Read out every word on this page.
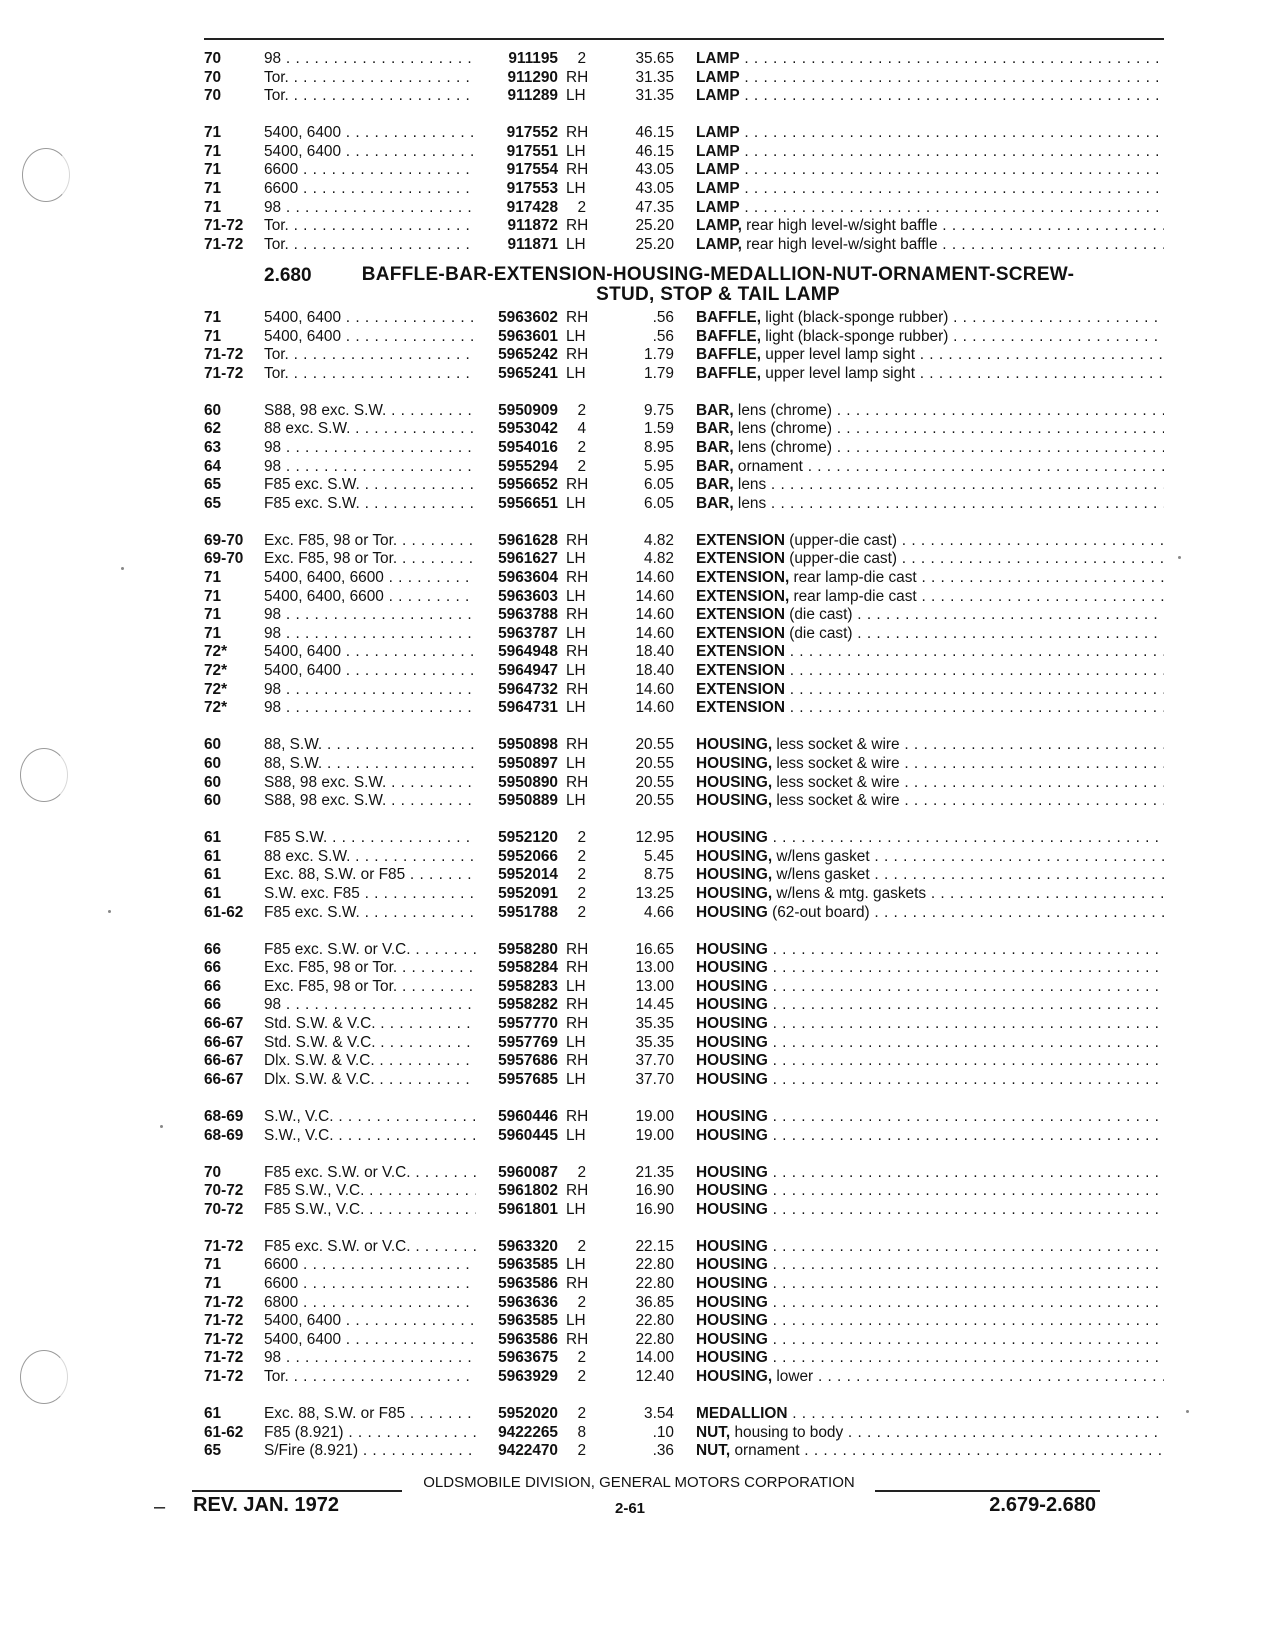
70	98 . . .	911195	2	35.65 LAMP . . .
70	Tor. . . .	911290 RH	31.35 LAMP . . .
70	Tor. . . .	911289 LH	31.35 LAMP . . .
71	5400, 6400 . . .	917552 RH	46.15 LAMP . . .
71	5400, 6400 . . .	917551 LH	46.15 LAMP . . .
71	6600 . . .	917554 RH	43.05 LAMP . . .
71	6600 . . .	917553 LH	43.05 LAMP . . .
71	98 . . .	917428	2	47.35 LAMP . . .
71-72	Tor. . . .	911872 RH	25.20 LAMP, rear high level-w/sight baffle . . .
71-72	Tor. . . .	911871 LH	25.20 LAMP, rear high level-w/sight baffle . . .
2.680	BAFFLE-BAR-EXTENSION-HOUSING-MEDALLION-NUT-ORNAMENT-SCREW-STUD, STOP & TAIL LAMP
71	5400, 6400 . . .	5963602 RH	.56 BAFFLE, light (black-sponge rubber) . . .
71	5400, 6400 . . .	5963601 LH	.56 BAFFLE, light (black-sponge rubber) . . .
71-72	Tor. . . .	5965242 RH	1.79 BAFFLE, upper level lamp sight . . .
71-72	Tor. . . .	5965241 LH	1.79 BAFFLE, upper level lamp sight . . .
60	S88, 98 exc. S.W. . . .	5950909	2	9.75 BAR, lens (chrome) . . .
62	88 exc. S.W. . . .	5953042	4	1.59 BAR, lens (chrome) . . .
63	98 . . .	5954016	2	8.95 BAR, lens (chrome) . . .
64	98 . . .	5955294	2	5.95 BAR, ornament . . .
65	F85 exc. S.W. . . .	5956652 RH	6.05 BAR, lens . . .
65	F85 exc. S.W. . . .	5956651 LH	6.05 BAR, lens . . .
69-70	Exc. F85, 98 or Tor. . . .	5961628 RH	4.82 EXTENSION (upper-die cast) . . .
69-70	Exc. F85, 98 or Tor. . . .	5961627 LH	4.82 EXTENSION (upper-die cast) . . .
71	5400, 6400, 6600 . . .	5963604 RH	14.60 EXTENSION, rear lamp-die cast . . .
71	5400, 6400, 6600 . . .	5963603 LH	14.60 EXTENSION, rear lamp-die cast . . .
71	98 . . .	5963788 RH	14.60 EXTENSION (die cast) . . .
71	98 . . .	5963787 LH	14.60 EXTENSION (die cast) . . .
72*	5400, 6400 . . .	5964948 RH	18.40 EXTENSION . . .
72*	5400, 6400 . . .	5964947 LH	18.40 EXTENSION . . .
72*	98 . . .	5964732 RH	14.60 EXTENSION . . .
72*	98 . . .	5964731 LH	14.60 EXTENSION . . .
60	88, S.W. . . .	5950898 RH	20.55 HOUSING, less socket & wire . . .
60	88, S.W. . . .	5950897 LH	20.55 HOUSING, less socket & wire . . .
60	S88, 98 exc. S.W. . . .	5950890 RH	20.55 HOUSING, less socket & wire . . .
60	S88, 98 exc. S.W. . . .	5950889 LH	20.55 HOUSING, less socket & wire . . .
61	F85 S.W. . . .	5952120	2	12.95 HOUSING . . .
61	88 exc. S.W. . . .	5952066	2	5.45 HOUSING, w/lens gasket . . .
61	Exc. 88, S.W. or F85 . . .	5952014	2	8.75 HOUSING, w/lens gasket . . .
61	S.W. exc. F85 . . .	5952091	2	13.25 HOUSING, w/lens & mtg. gaskets . . .
61-62	F85 exc. S.W. . . .	5951788	2	4.66 HOUSING (62-out board) . . .
66	F85 exc. S.W. or V.C. . . .	5958280 RH	16.65 HOUSING . . .
66	Exc. F85, 98 or Tor. . . .	5958284 RH	13.00 HOUSING . . .
66	Exc. F85, 98 or Tor. . . .	5958283 LH	13.00 HOUSING . . .
66	98 . . .	5958282 RH	14.45 HOUSING . . .
66-67	Std. S.W. & V.C. . . .	5957770 RH	35.35 HOUSING . . .
66-67	Std. S.W. & V.C. . . .	5957769 LH	35.35 HOUSING . . .
66-67	Dlx. S.W. & V.C. . . .	5957686 RH	37.70 HOUSING . . .
66-67	Dlx. S.W. & V.C. . . .	5957685 LH	37.70 HOUSING . . .
68-69	S.W., V.C. . . .	5960446 RH	19.00 HOUSING . . .
68-69	S.W., V.C. . . .	5960445 LH	19.00 HOUSING . . .
70	F85 exc. S.W. or V.C. . . .	5960087	2	21.35 HOUSING . . .
70-72	F85 S.W., V.C. . . .	5961802 RH	16.90 HOUSING . . .
70-72	F85 S.W., V.C. . . .	5961801 LH	16.90 HOUSING . . .
71-72	F85 exc. S.W. or V.C. . . .	5963320	2	22.15 HOUSING . . .
71	6600 . . .	5963585 LH	22.80 HOUSING . . .
71	6600 . . .	5963586 RH	22.80 HOUSING . . .
71-72	6800 . . .	5963636	2	36.85 HOUSING . . .
71-72	5400, 6400 . . .	5963585 LH	22.80 HOUSING . . .
71-72	5400, 6400 . . .	5963586 RH	22.80 HOUSING . . .
71-72	98 . . .	5963675	2	14.00 HOUSING . . .
71-72	Tor. . . .	5963929	2	12.40 HOUSING, lower . . .
61	Exc. 88, S.W. or F85 . . .	5952020	2	3.54 MEDALLION . . .
61-62	F85 (8.921) . . .	9422265	8	.10 NUT, housing to body . . .
65	S/Fire (8.921) . . .	9422470	2	.36 NUT, ornament . . .
OLDSMOBILE DIVISION, GENERAL MOTORS CORPORATION
– REV. JAN. 1972	2-61	2.679-2.680
